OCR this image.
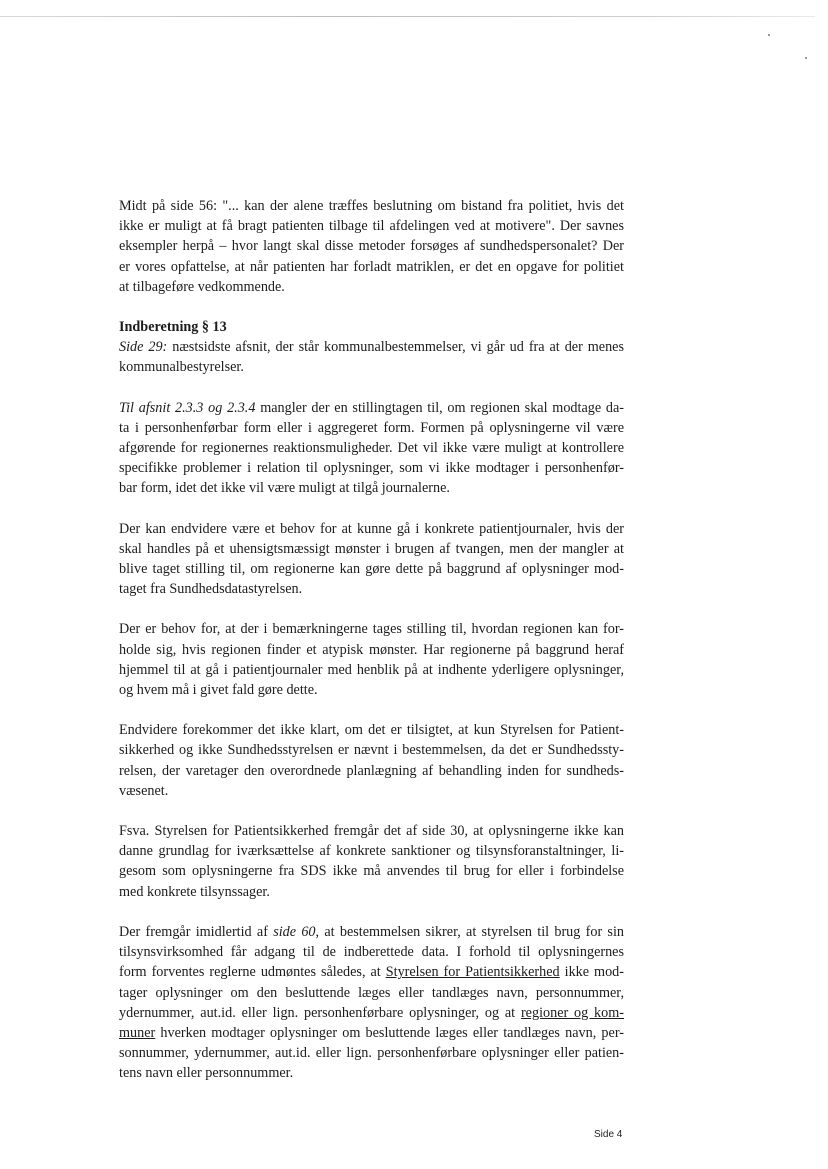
Midt på side 56: "... kan der alene træffes beslutning om bistand fra politiet, hvis det
ikke er muligt at få bragt patienten tilbage til afdelingen ved at motivere". Der savnes
eksempler herpå – hvor langt skal disse metoder forsøges af sundhedspersonalet? Der
er vores opfattelse, at når patienten har forladt matriklen, er det en opgave for politiet
at tilbageføre vedkommende.

Indberetning § 13
Side 29: næstsidste afsnit, der står kommunalbestemmelser, vi går ud fra at der menes
kommunalbestyrelser.

Til afsnit 2.3.3 og 2.3.4 mangler der en stillingtagen til, om regionen skal modtage da-
ta i personhenførbar form eller i aggregeret form. Formen på oplysningerne vil være
afgørende for regionernes reaktionsmuligheder. Det vil ikke være muligt at kontrollere
specifikke problemer i relation til oplysninger, som vi ikke modtager i personhenfør-
bar form, idet det ikke vil være muligt at tilgå journalerne.

Der kan endvidere være et behov for at kunne gå i konkrete patientjournaler, hvis der
skal handles på et uhensigtsmæssigt mønster i brugen af tvangen, men der mangler at
blive taget stilling til, om regionerne kan gøre dette på baggrund af oplysninger mod-
taget fra Sundhedsdatastyrelsen.

Der er behov for, at der i bemærkningerne tages stilling til, hvordan regionen kan for-
holde sig, hvis regionen finder et atypisk mønster. Har regionerne på baggrund heraf
hjemmel til at gå i patientjournaler med henblik på at indhente yderligere oplysninger,
og hvem må i givet fald gøre dette.

Endvidere forekommer det ikke klart, om det er tilsigtet, at kun Styrelsen for Patient-
sikkerhed og ikke Sundhedsstyrelsen er nævnt i bestemmelsen, da det er Sundhedssty-
relsen, der varetager den overordnede planlægning af behandling inden for sundheds-
væsenet.

Fsva. Styrelsen for Patientsikkerhed fremgår det af side 30, at oplysningerne ikke kan
danne grundlag for iværksættelse af konkrete sanktioner og tilsynsforanstaltninger, li-
gesom som oplysningerne fra SDS ikke må anvendes til brug for eller i forbindelse
med konkrete tilsynssager.

Der fremgår imidlertid af side 60, at bestemmelsen sikrer, at styrelsen til brug for sin
tilsynsvirksomhed får adgang til de indberettede data. I forhold til oplysningernes
form forventes reglerne udmøntes således, at Styrelsen for Patientsikkerhed ikke mod-
tager oplysninger om den besluttende læges eller tandlæges navn, personnummer,
ydernummer, aut.id. eller lign. personhenførbare oplysninger, og at regioner og kom-
muner hverken modtager oplysninger om besluttende læges eller tandlæges navn, per-
sonnummer, ydernummer, aut.id. eller lign. personhenførbare oplysninger eller patien-
tens navn eller personnummer.

Side 4
